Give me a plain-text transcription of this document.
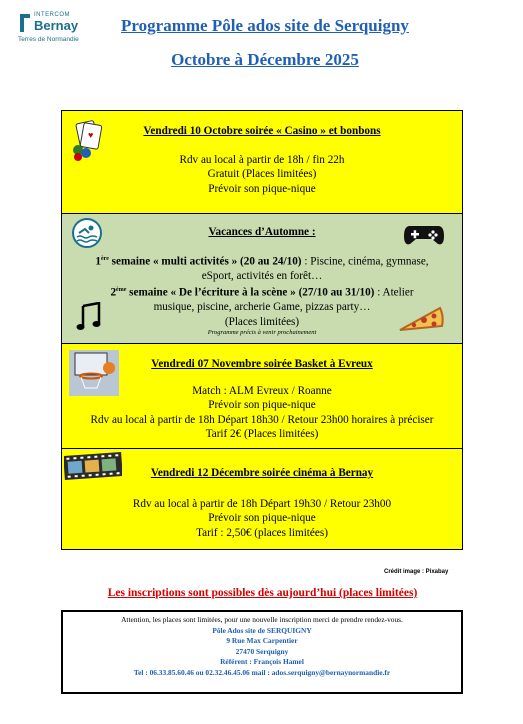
INTERCOM
Bernay
Terres de Normandie
Programme Pôle ados site de Serquigny
Octobre à Décembre 2025

Vendredi 10 Octobre soirée « Casino » et bonbons

Rdv au local à partir de 18h / fin 22h

Gratuit (Places limitées)

Prévoir son pique-nique

♥

Vacances d’Automne :

1ère semaine « multi activités » (20 au 24/10) : Piscine, cinéma, gymnase,

eSport, activités en forêt…

2ème semaine « De l’écriture à la scène » (27/10 au 31/10) : Atelier

musique, piscine, archerie Game, pizzas party…

(Places limitées)

Programme précis à venir prochainement

Vendredi 07 Novembre soirée Basket à Evreux

Match : ALM Evreux / Roanne

Prévoir son pique-nique

Rdv au local à partir de 18h Départ 18h30 / Retour 23h00 horaires à préciser

Tarif 2€ (Places limitées)

Vendredi 12 Décembre soirée cinéma à Bernay

Rdv au local à partir de 18h Départ 19h30 / Retour 23h00

Prévoir son pique-nique

Tarif : 2,50€ (places limitées)

Crédit image : Pixabay
Les inscriptions sont possibles dès aujourd’hui (places limitées)
Attention, les places sont limitées, pour une nouvelle inscription merci de prendre rendez-vous.
Pôle Ados site de SERQUIGNY
9 Rue Max Carpentier
27470 Serquigny
Référent : François Hamel
Tel : 06.33.85.60.46 ou 02.32.46.45.06 mail : ados.serquigny@bernaynormandie.fr
